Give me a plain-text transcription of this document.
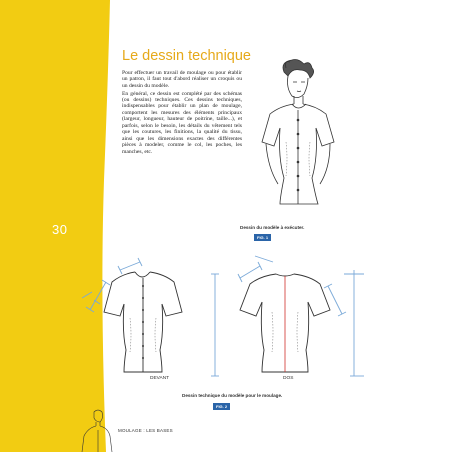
30
Le dessin technique

Pour effectuer un travail de moulage ou pour établir un patron, il faut tout d'abord réaliser un croquis ou un dessin du modèle.

En général, ce dessin est complété par des schémas (ou dessins) techniques. Ces dessins techniques, indispensables pour établir un plan de moulage, comportent les mesures des éléments principaux (largeur, longueur, hauteur de poitrine, taille...), et parfois, selon le besoin, les détails du vêtement tels que les coutures, les finitions, la qualité du tissu, ainsi que les dimensions exactes des différentes pièces à modeler, comme le col, les poches, les manches, etc.

Dessin du modèle à exécuter.
FIG. 1
DEVANT	DOS
Dessin technique du modèle pour le moulage.
FIG. 2
MOULAGE : LES BASES
